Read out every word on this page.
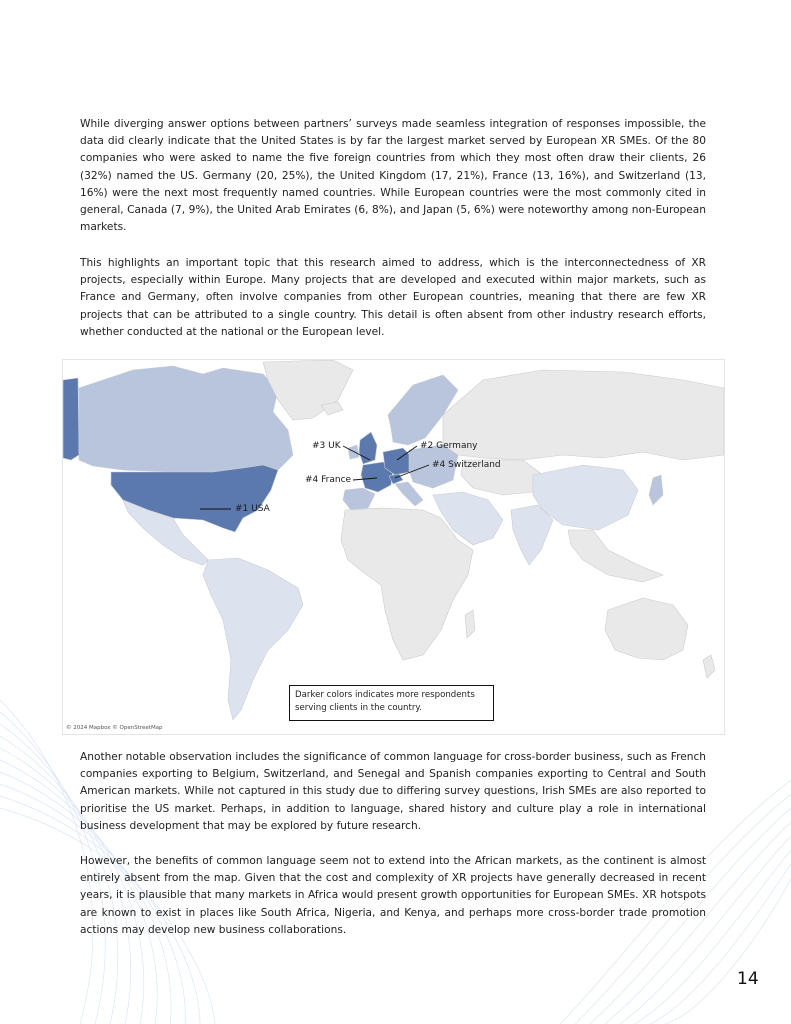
While diverging answer options between partners’ surveys made seamless integration of responses impossible, the data did clearly indicate that the United States is by far the largest market served by European XR SMEs. Of the 80 companies who were asked to name the five foreign countries from which they most often draw their clients, 26 (32%) named the US. Germany (20, 25%), the United Kingdom (17, 21%), France (13, 16%), and Switzerland (13, 16%) were the next most frequently named countries. While European countries were the most commonly cited in general, Canada (7, 9%), the United Arab Emirates (6, 8%), and Japan (5, 6%) were noteworthy among non-European markets.

This highlights an important topic that this research aimed to address, which is the interconnectedness of XR projects, especially within Europe. Many projects that are developed and executed within major markets, such as France and Germany, often involve companies from other European countries, meaning that there are few XR projects that can be attributed to a single country. This detail is often absent from other industry research efforts, whether conducted at the national or the European level.

#1 USA
#2 Germany
#3 UK
#4 France
#4 Switzerland
Darker colors indicates more respondents serving clients in the country.
© 2024 Mapbox © OpenStreetMap

Another notable observation includes the significance of common language for cross-border business, such as French companies exporting to Belgium, Switzerland, and Senegal and Spanish companies exporting to Central and South American markets. While not captured in this study due to differing survey questions, Irish SMEs are also reported to prioritise the US market. Perhaps, in addition to language, shared history and culture play a role in international business development that may be explored by future research.

However, the benefits of common language seem not to extend into the African markets, as the continent is almost entirely absent from the map. Given that the cost and complexity of XR projects have generally decreased in recent years, it is plausible that many markets in Africa would present growth opportunities for European SMEs. XR hotspots are known to exist in places like South Africa, Nigeria, and Kenya, and perhaps more cross-border trade promotion actions may develop new business collaborations.

14
